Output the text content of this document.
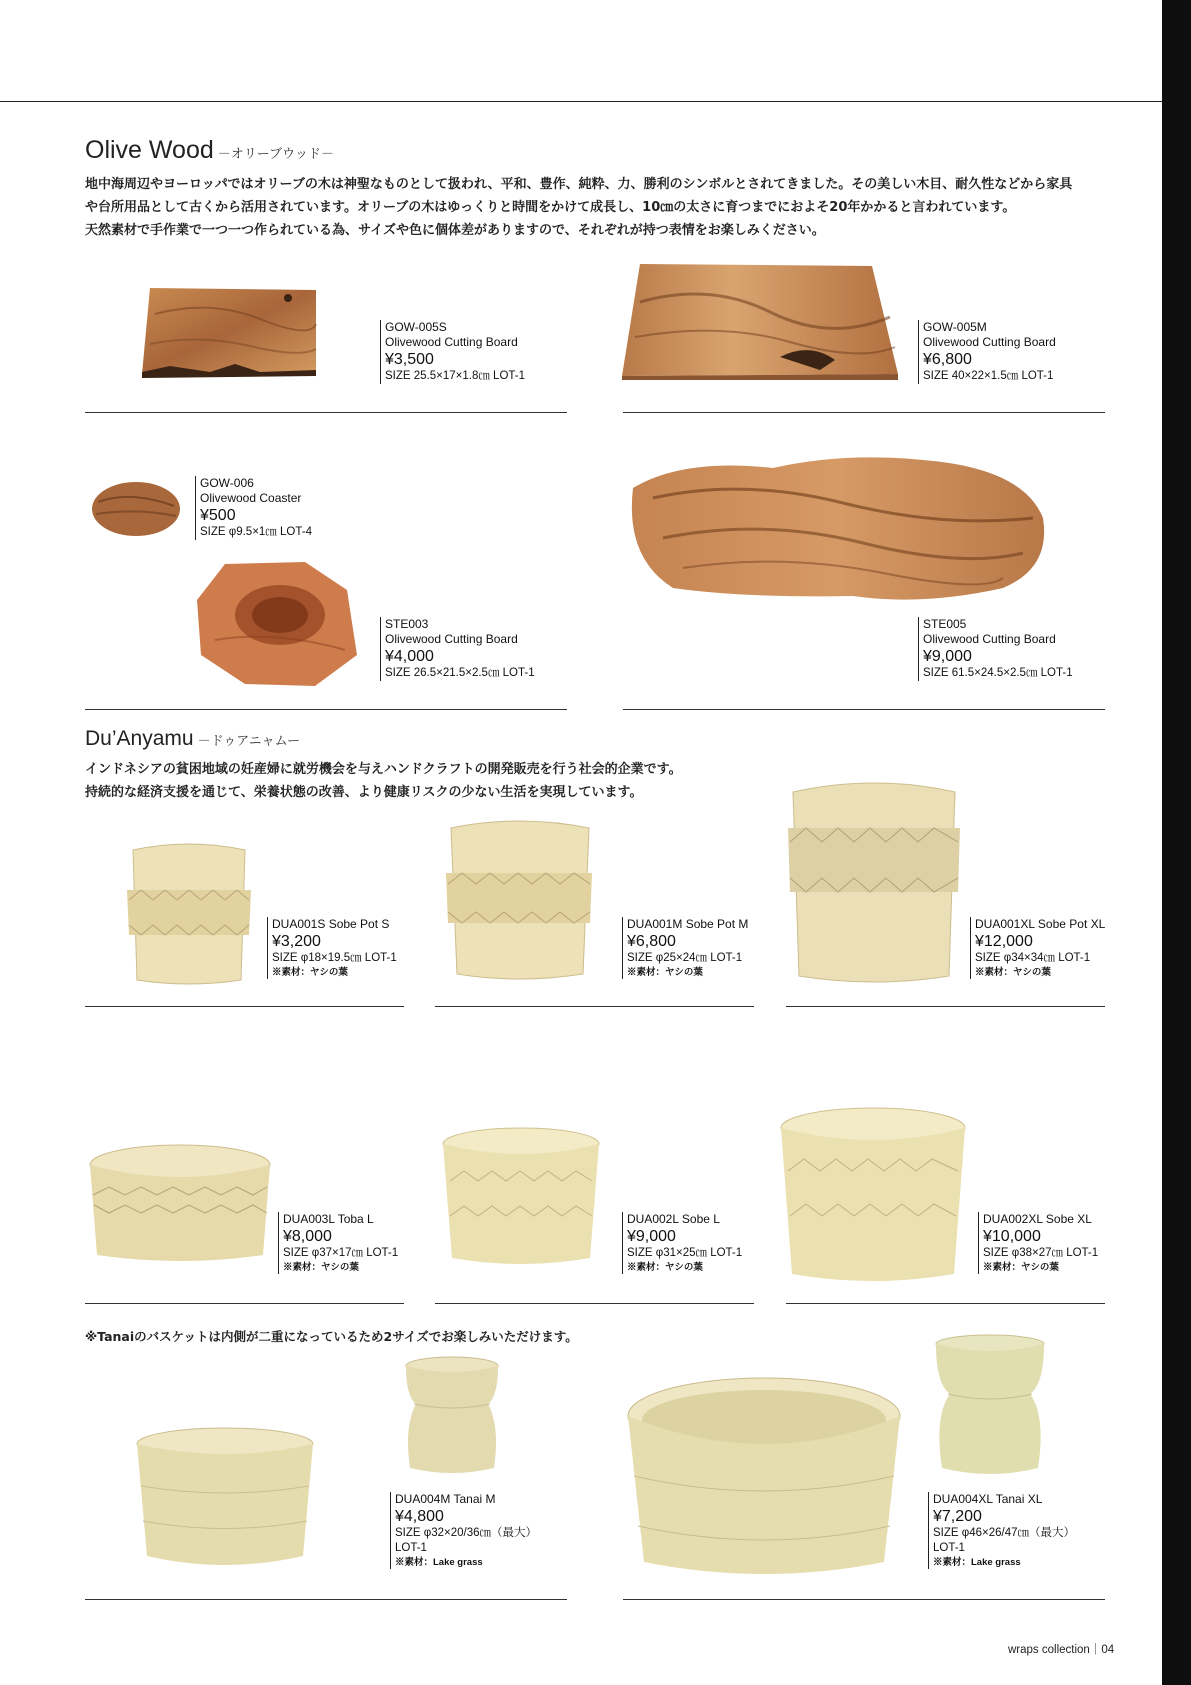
Olive Wood －オリーブウッド－
地中海周辺やヨーロッパではオリーブの木は神聖なものとして扱われ、平和、豊作、純粋、力、勝利のシンボルとされてきました。その美しい木目、耐久性などから家具
や台所用品として古くから活用されています。オリーブの木はゆっくりと時間をかけて成長し、10㎝の太さに育つまでにおよそ20年かかると言われています。
天然素材で手作業で一つ一つ作られている為、サイズや色に個体差がありますので、それぞれが持つ表情をお楽しみください。
GOW-005S
Olivewood Cutting Board
¥3,500
SIZE 25.5×17×1.8㎝ LOT-1
GOW-005M
Olivewood Cutting Board
¥6,800
SIZE 40×22×1.5㎝ LOT-1
GOW-006
Olivewood Coaster
¥500
SIZE φ9.5×1㎝ LOT-4
STE003
Olivewood Cutting Board
¥4,000
SIZE 26.5×21.5×2.5㎝ LOT-1
STE005
Olivewood Cutting Board
¥9,000
SIZE 61.5×24.5×2.5㎝ LOT-1
Du’Anyamu －ドゥアニャムー
インドネシアの貧困地域の妊産婦に就労機会を与えハンドクラフトの開発販売を行う社会的企業です。
持続的な経済支援を通じて、栄養状態の改善、より健康リスクの少ない生活を実現しています。
DUA001S Sobe Pot S
¥3,200
SIZE φ18×19.5㎝ LOT-1
※素材：ヤシの葉
DUA001M Sobe Pot M
¥6,800
SIZE φ25×24㎝ LOT-1
※素材：ヤシの葉
DUA001XL Sobe Pot XL
¥12,000
SIZE φ34×34㎝ LOT-1
※素材：ヤシの葉
DUA003L Toba L
¥8,000
SIZE φ37×17㎝ LOT-1
※素材：ヤシの葉
DUA002L Sobe L
¥9,000
SIZE φ31×25㎝ LOT-1
※素材：ヤシの葉
DUA002XL Sobe XL
¥10,000
SIZE φ38×27㎝ LOT-1
※素材：ヤシの葉
※Tanaiのバスケットは内側が二重になっているため2サイズでお楽しみいただけます。
DUA004M Tanai M
¥4,800
SIZE φ32×20/36㎝（最大）
LOT-1
※素材：Lake grass
DUA004XL Tanai XL
¥7,200
SIZE φ46×26/47㎝（最大）
LOT-1
※素材：Lake grass
wraps collection｜04
